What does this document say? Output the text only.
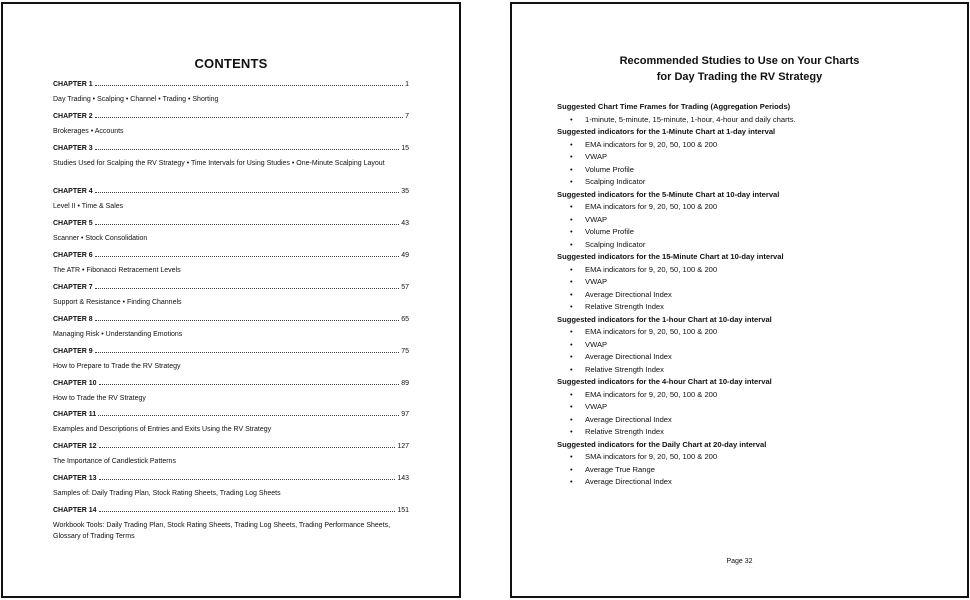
CONTENTS
CHAPTER 1	1
Day Trading • Scalping • Channel • Trading • Shorting
CHAPTER 2	7
Brokerages • Accounts
CHAPTER 3	15
Studies Used for Scalping the RV Strategy • Time Intervals for Using Studies • One-Minute Scalping Layout
CHAPTER 4	35
Level II • Time & Sales
CHAPTER 5	43
Scanner • Stock Consolidation
CHAPTER 6	49
The ATR • Fibonacci Retracement Levels
CHAPTER 7	57
Support & Resistance • Finding Channels
CHAPTER 8	65
Managing Risk • Understanding Emotions
CHAPTER 9	75
How to Prepare to Trade the RV Strategy
CHAPTER 10	89
How to Trade the RV Strategy
CHAPTER 11	97
Examples and Descriptions of Entries and Exits Using the RV Strategy
CHAPTER 12	127
The Importance of Candlestick Patterns
CHAPTER 13	143
Samples of: Daily Trading Plan, Stock Rating Sheets, Trading Log Sheets
CHAPTER 14	151
Workbook Tools: Daily Trading Plan, Stock Rating Sheets, Trading Log Sheets, Trading Performance Sheets, Glossary of Trading Terms
Recommended Studies to Use on Your Charts
for Day Trading the RV Strategy
Suggested Chart Time Frames for Trading (Aggregation Periods)
• 1-minute, 5-minute, 15-minute, 1-hour, 4-hour and daily charts.
Suggested indicators for the 1-Minute Chart at 1-day interval
• EMA indicators for 9, 20, 50, 100 & 200
• VWAP
• Volume Profile
• Scalping Indicator
Suggested indicators for the 5-Minute Chart at 10-day interval
• EMA indicators for 9, 20, 50, 100 & 200
• VWAP
• Volume Profile
• Scalping Indicator
Suggested indicators for the 15-Minute Chart at 10-day interval
• EMA indicators for 9, 20, 50, 100 & 200
• VWAP
• Average Directional Index
• Relative Strength Index
Suggested indicators for the 1-hour Chart at 10-day interval
• EMA indicators for 9, 20, 50, 100 & 200
• VWAP
• Average Directional Index
• Relative Strength Index
Suggested indicators for the 4-hour Chart at 10-day interval
• EMA indicators for 9, 20, 50, 100 & 200
• VWAP
• Average Directional Index
• Relative Strength Index
Suggested indicators for the Daily Chart at 20-day interval
• SMA indicators for 9, 20, 50, 100 & 200
• Average True Range
• Average Directional Index
Page 32
